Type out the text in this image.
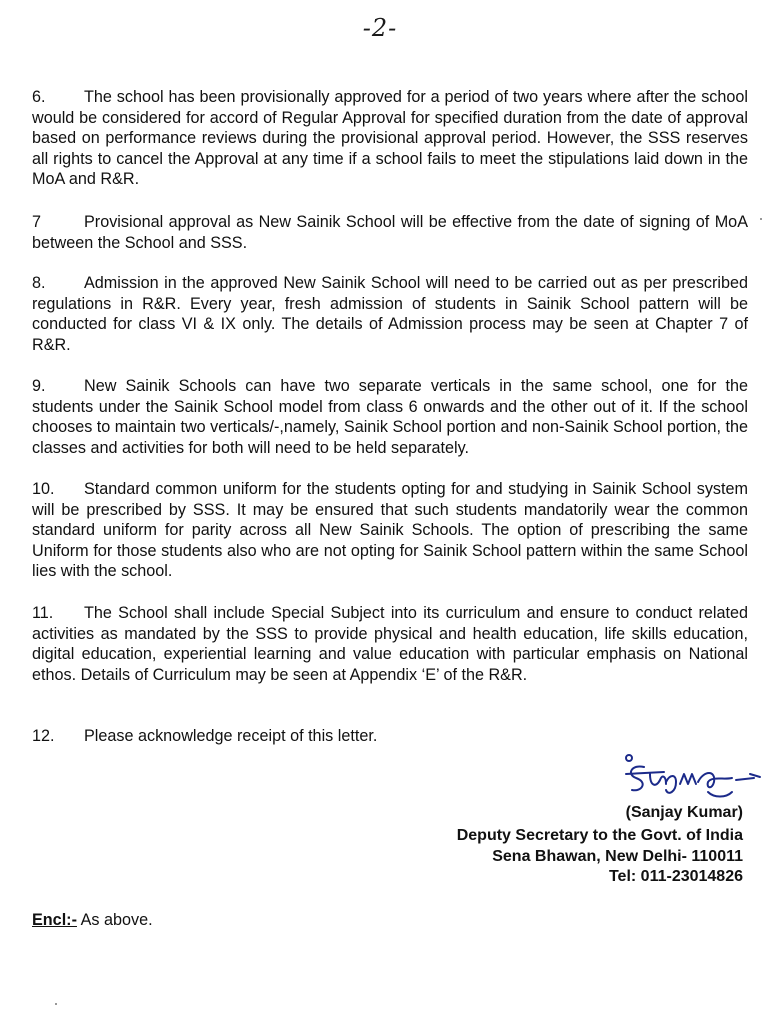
-2-

6. The school has been provisionally approved for a period of two years where after the school would be considered for accord of Regular Approval for specified duration from the date of approval based on performance reviews during the provisional approval period. However, the SSS reserves all rights to cancel the Approval at any time if a school fails to meet the stipulations laid down in the MoA and R&R.

7	Provisional approval as New Sainik School will be effective from the date of signing of MoA between the School and SSS.

8. Admission in the approved New Sainik School will need to be carried out as per prescribed regulations in R&R. Every year, fresh admission of students in Sainik School pattern will be conducted for class VI & IX only. The details of Admission process may be seen at Chapter 7 of R&R.

9. New Sainik Schools can have two separate verticals in the same school, one for the students under the Sainik School model from class 6 onwards and the other out of it. If the school chooses to maintain two verticals/-,namely, Sainik School portion and non-Sainik School portion, the classes and activities for both will need to be held separately.

10. Standard common uniform for the students opting for and studying in Sainik School system will be prescribed by SSS. It may be ensured that such students mandatorily wear the common standard uniform for parity across all New Sainik Schools. The option of prescribing the same Uniform for those students also who are not opting for Sainik School pattern within the same School lies with the school.

11. The School shall include Special Subject into its curriculum and ensure to conduct related activities as mandated by the SSS to provide physical and health education, life skills education, digital education, experiential learning and value education with particular emphasis on National ethos. Details of Curriculum may be seen at Appendix ‘E’ of the R&R.

12. Please acknowledge receipt of this letter.

(Sanjay Kumar)
Deputy Secretary to the Govt. of India
Sena Bhawan, New Delhi- 110011
Tel: 011-23014826
Encl:- As above.
